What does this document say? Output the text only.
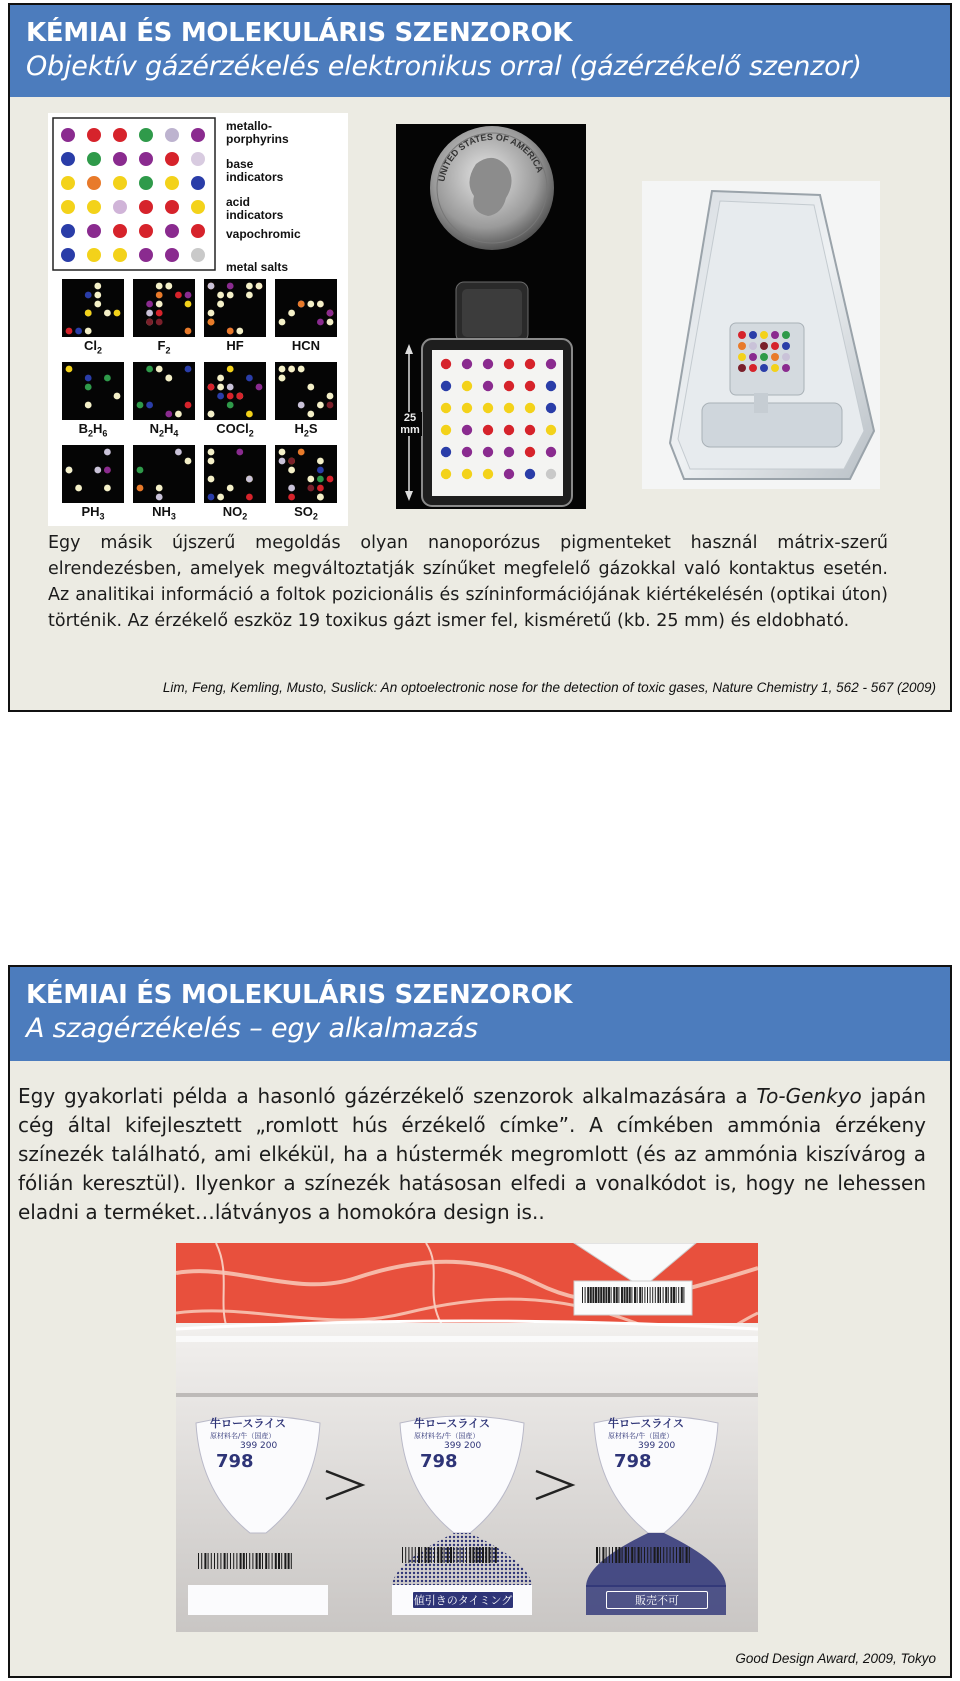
KÉMIAI ÉS MOLEKULÁRIS SZENZOROK
Objektív gázérzékelés elektronikus orral (gázérzékelő szenzor)
metallo-
porphyrins
base
indicators
acid
indicators
vapochromic
metal salts
$Cl_2$	$F_2$	HF	HCN
$B_2H_6$	$N_2H_4$	COCl$_2$	$H_2S$
$PH_3$	$NH_3$	$NO_2$	$SO_2$
UNITED STATES OF AMERICA
25 mm
Egy másik újszerű megoldás olyan nanoporózus pigmenteket használ mátrix-szerű elrendezésben, amelyek megváltoztatják színűket megfelelő gázokkal való kontaktus esetén. Az analitikai információ a foltok pozicionális és színinformációjának kiértékelésén (optikai úton) történik. Az érzékelő eszköz 19 toxikus gázt ismer fel, kisméretű (kb. 25 mm) és eldobható.
Lim, Feng, Kemling, Musto, Suslick: An optoelectronic nose for the detection of toxic gases, Nature Chemistry 1, 562 - 567 (2009)
KÉMIAI ÉS MOLEKULÁRIS SZENZOROK
A szagérzékelés – egy alkalmazás
Egy gyakorlati példa a hasonló gázérzékelő szenzorok alkalmazására a To-Genkyo japán cég által kifejlesztett „romlott hús érzékelő címke”. A címkében ammónia érzékeny színezék található, ami elkékül, ha a hústermék megromlott (és az ammónia kiszívárog a fólián keresztül). Ilyenkor a színezék hatásosan elfedi a vonalkódot is, hogy ne lehessen eladni a terméket…látványos a homokóra design is..
牛ロースライス
原材料名/牛（国産）
399 200
798
牛ロースライス
原材料名/牛（国産）
399 200
798
値引きのタイミング
牛ロースライス
原材料名/牛（国産）
399 200
798
販売不可
Good Design Award, 2009, Tokyo
